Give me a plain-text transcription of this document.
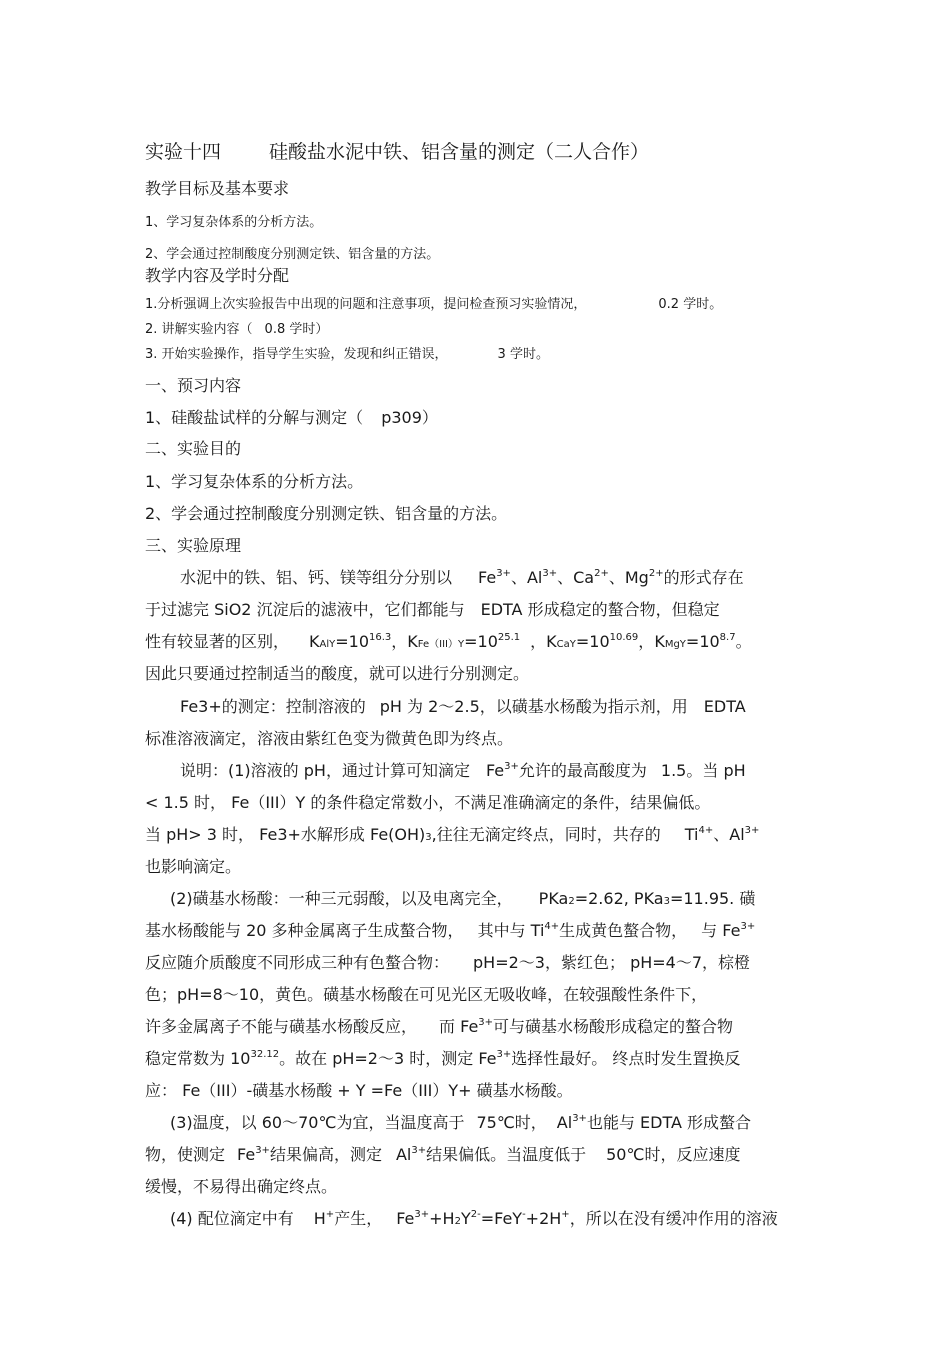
实验十四	硅酸盐水泥中铁、铝含量的测定（二人合作）
教学目标及基本要求
1、学习复杂体系的分析方法。
2、学会通过控制酸度分别测定铁、铝含量的方法。
教学内容及学时分配
1.分析强调上次实验报告中出现的问题和注意事项，提问检查预习实验情况，	0.2 学时。
2. 讲解实验内容（ 0.8 学时）
3. 开始实验操作，指导学生实验，发现和纠正错误，	3 学时。
一、预习内容
1、硅酸盐试样的分解与测定（ p309）
二、实验目的
1、学习复杂体系的分析方法。
2、学会通过控制酸度分别测定铁、铝含量的方法。
三、实验原理
水泥中的铁、铝、钙、镁等组分分别以 $Fe^{3+}$、$Al^{3+}$、$Ca^{2+}$、$Mg^{2+}$的形式存在
于过滤完 SiO2 沉淀后的滤液中，它们都能与 EDTA 形成稳定的螯合物，但稳定
性有较显著的区别， $KAlY=10^{16.3}$，$KFe(III)Y=10^{25.1}$ ，$KCaY=10^{10.69}$，$KMgY=10^{8.7}$。
因此只要通过控制适当的酸度，就可以进行分别测定。
Fe3+的测定：控制溶液的 pH 为 2～2.5，以磺基水杨酸为指示剂，用 EDTA
标准溶液滴定，溶液由紫红色变为微黄色即为终点。
说明：(1)溶液的 pH，通过计算可知滴定 $Fe^{3+}$允许的最高酸度为 1.5。当 pH
< 1.5 时， Fe（III）Y 的条件稳定常数小，不满足准确滴定的条件，结果偏低。
当 pH> 3 时， Fe3+水解形成 Fe(OH)3,往往无滴定终点，同时，共存的 $Ti^{4+}$、$Al^{3+}$
也影响滴定。
(2)磺基水杨酸：一种三元弱酸，以及电离完全， PKa2=2.62, PKa3=11.95. 磺
基水杨酸能与 20 多种金属离子生成螯合物， 其中与 $Ti^{4+}$生成黄色螯合物， 与 $Fe^{3+}$
反应随介质酸度不同形成三种有色螯合物： pH=2～3，紫红色； pH=4～7，棕橙
色；pH=8～10，黄色。磺基水杨酸在可见光区无吸收峰，在较强酸性条件下，
许多金属离子不能与磺基水杨酸反应， 而 $Fe^{3+}$可与磺基水杨酸形成稳定的螯合物
稳定常数为 $10^{32.12}$。故在 pH=2～3 时，测定 $Fe^{3+}$选择性最好。 终点时发生置换反
应： Fe（III）-磺基水杨酸 + Y =Fe（III）Y+ 磺基水杨酸。
(3)温度，以 60～70℃为宜，当温度高于 75℃时， $Al^{3+}$也能与 EDTA 形成螯合
物，使测定 $Fe^{3+}$结果偏高，测定 $Al^{3+}$结果偏低。当温度低于 50℃时，反应速度
缓慢，不易得出确定终点。
(4) 配位滴定中有 H+产生， $Fe^{3+}+H2Y^{2-}=FeY^-+2H^+$，所以在没有缓冲作用的溶液
